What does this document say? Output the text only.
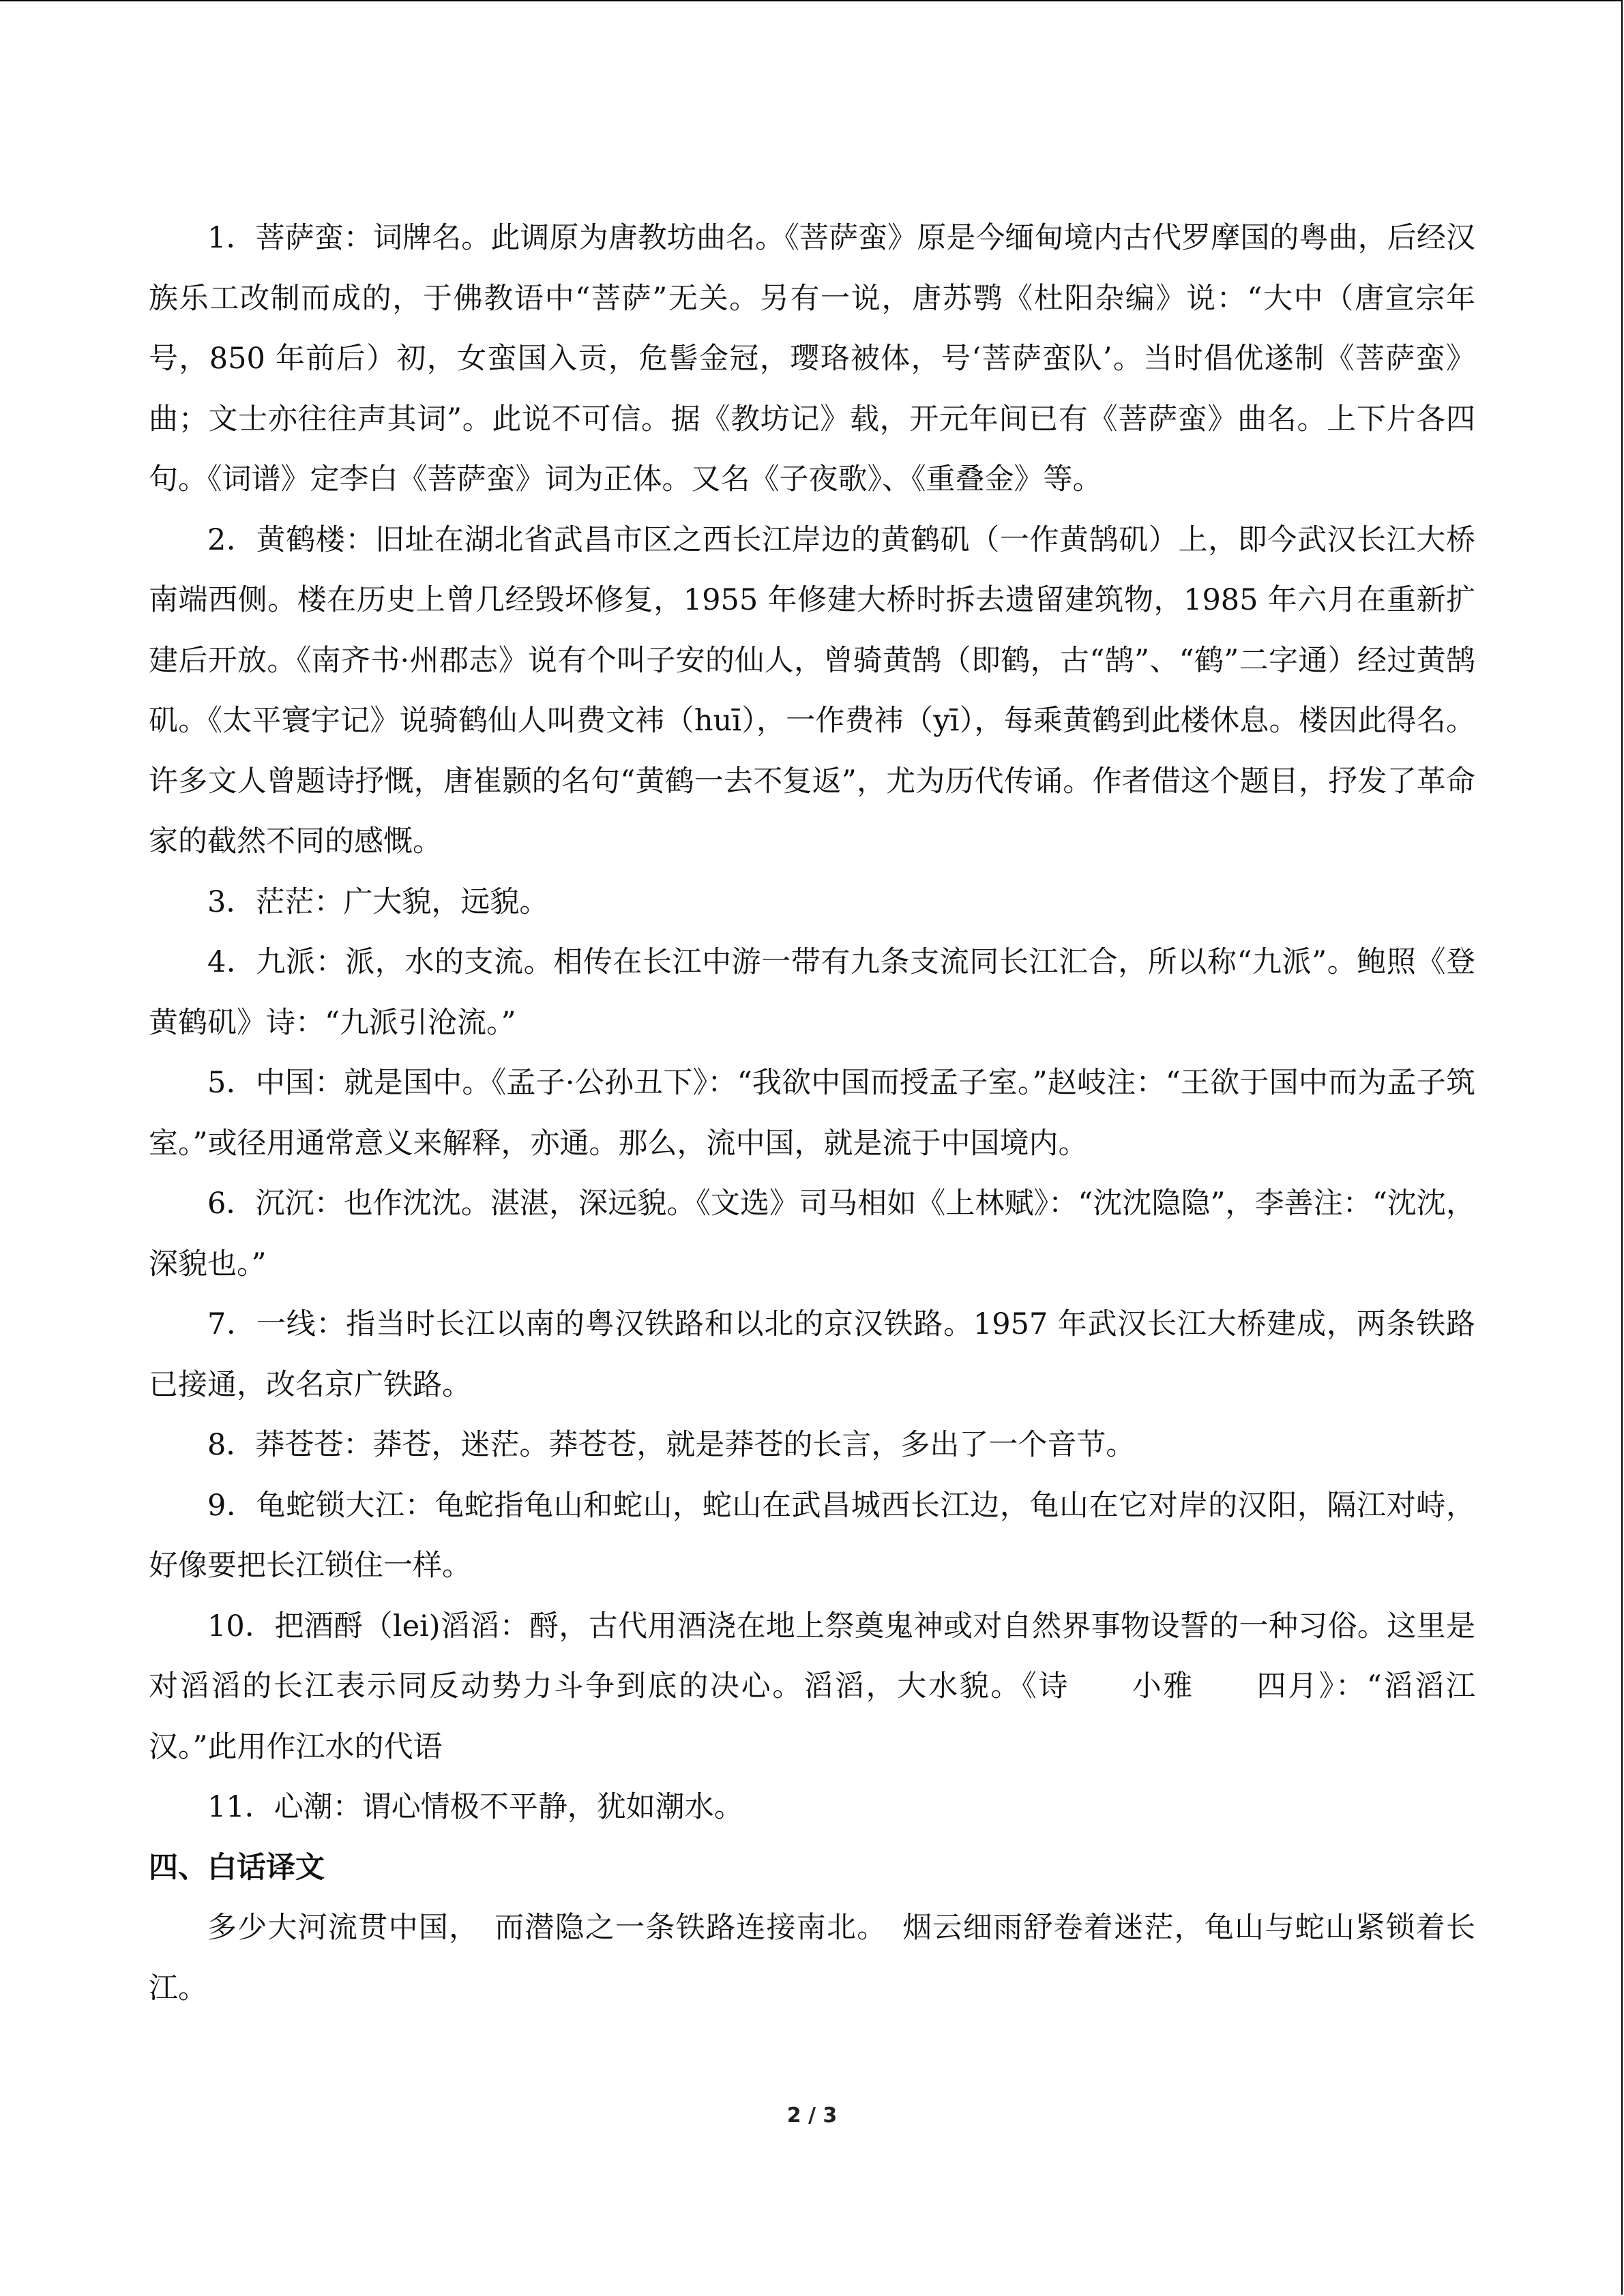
1．菩萨蛮：词牌名。此调原为唐教坊曲名。《菩萨蛮》原是今缅甸境内古代罗摩国的粤曲，后经汉族乐工改制而成的，于佛教语中“菩萨”无关。另有一说，唐苏鹗《杜阳杂编》说：“大中（唐宣宗年号，850 年前后）初，女蛮国入贡，危髻金冠，璎珞被体，号‘菩萨蛮队’。当时倡优遂制《菩萨蛮》曲；文士亦往往声其词”。此说不可信。据《教坊记》载，开元年间已有《菩萨蛮》曲名。上下片各四句。《词谱》定李白《菩萨蛮》词为正体。又名《子夜歌》、《重叠金》等。

2．黄鹤楼：旧址在湖北省武昌市区之西长江岸边的黄鹤矶（一作黄鹄矶）上，即今武汉长江大桥南端西侧。楼在历史上曾几经毁坏修复，1955 年修建大桥时拆去遗留建筑物，1985 年六月在重新扩建后开放。《南齐书·州郡志》说有个叫子安的仙人，曾骑黄鹄（即鹤，古“鹄”、“鹤”二字通）经过黄鹄矶。《太平寰宇记》说骑鹤仙人叫费文袆（huī），一作费袆（yī），每乘黄鹤到此楼休息。楼因此得名。许多文人曾题诗抒慨，唐崔颢的名句“黄鹤一去不复返”，尤为历代传诵。作者借这个题目，抒发了革命家的截然不同的感慨。

3．茫茫：广大貌，远貌。

4．九派：派，水的支流。相传在长江中游一带有九条支流同长江汇合，所以称“九派”。鲍照《登黄鹤矶》诗：“九派引沧流。”

5．中国：就是国中。《孟子·公孙丑下》：“我欲中国而授孟子室。”赵岐注：“王欲于国中而为孟子筑室。”或径用通常意义来解释，亦通。那么，流中国，就是流于中国境内。

6．沉沉：也作沈沈。湛湛，深远貌。《文选》司马相如《上林赋》：“沈沈隐隐”，李善注：“沈沈，深貌也。”

7．一线：指当时长江以南的粤汉铁路和以北的京汉铁路。1957 年武汉长江大桥建成，两条铁路已接通，改名京广铁路。

8．莽苍苍：莽苍，迷茫。莽苍苍，就是莽苍的长言，多出了一个音节。

9．龟蛇锁大江：龟蛇指龟山和蛇山，蛇山在武昌城西长江边，龟山在它对岸的汉阳，隔江对峙，好像要把长江锁住一样。

10．把酒酹（lei)滔滔：酹，古代用酒浇在地上祭奠鬼神或对自然界事物设誓的一种习俗。这里是对滔滔的长江表示同反动势力斗争到底的决心。滔滔，大水貌。《诗　　小雅　　四月》：“滔滔江汉。”此用作江水的代语

11．心潮：谓心情极不平静，犹如潮水。

四、白话译文

多少大河流贯中国，　而潜隐之一条铁路连接南北。　烟云细雨舒卷着迷茫，龟山与蛇山紧锁着长江。

2 / 3
